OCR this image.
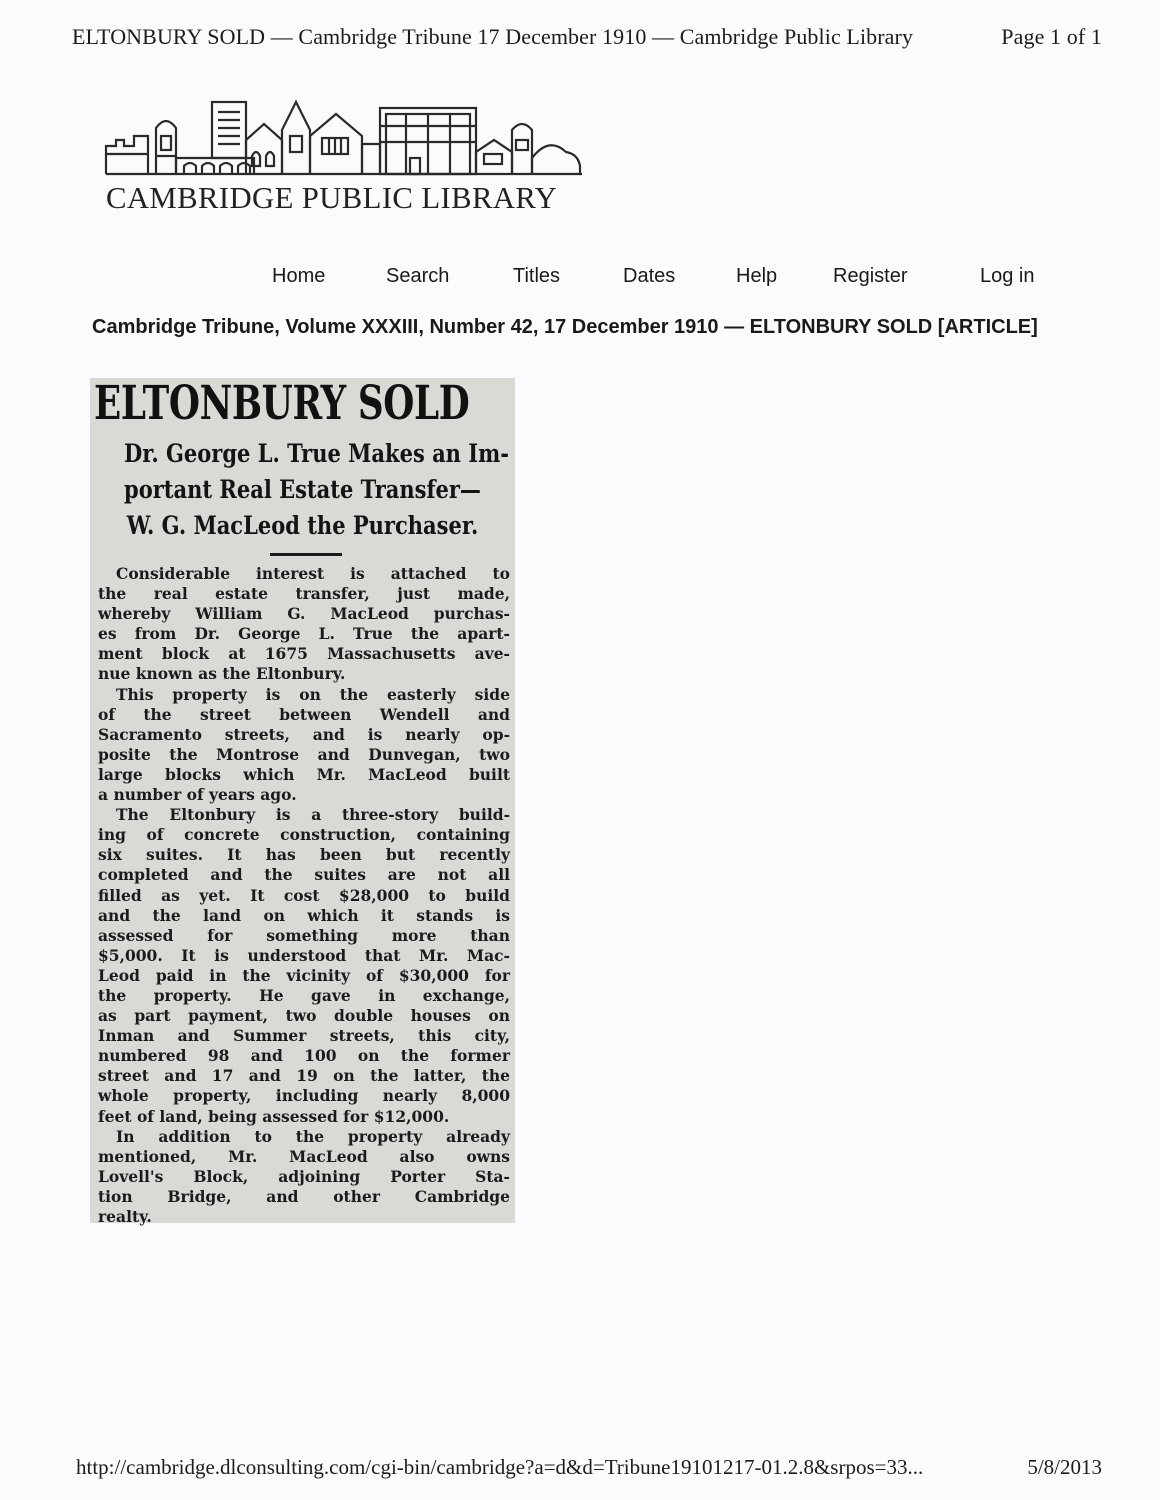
ELTONBURY SOLD — Cambridge Tribune 17 December 1910 — Cambridge Public Library	Page 1 of 1
CAMBRIDGE PUBLIC LIBRARY
Home	Search	Titles	Dates	Help	Register	Log in
Cambridge Tribune, Volume XXXIII, Number 42, 17 December 1910 — ELTONBURY SOLD [ARTICLE]
ELTONBURY SOLD
Dr. George L. True Makes an Im-
portant Real Estate Transfer—
W. G. MacLeod the Purchaser.
Considerable interest is attached to
the real estate transfer, just made,
whereby William G. MacLeod purchas-
es from Dr. George L. True the apart-
ment block at 1675 Massachusetts ave-
nue known as the Eltonbury.
This property is on the easterly side
of the street between Wendell and
Sacramento streets, and is nearly op-
posite the Montrose and Dunvegan, two
large blocks which Mr. MacLeod built
a number of years ago.
The Eltonbury is a three-story build-
ing of concrete construction, containing
six suites. It has been but recently
completed and the suites are not all
filled as yet. It cost $28,000 to build
and the land on which it stands is
assessed for something more than
$5,000. It is understood that Mr. Mac-
Leod paid in the vicinity of $30,000 for
the property. He gave in exchange,
as part payment, two double houses on
Inman and Summer streets, this city,
numbered 98 and 100 on the former
street and 17 and 19 on the latter, the
whole property, including nearly 8,000
feet of land, being assessed for $12,000.
In addition to the property already
mentioned, Mr. MacLeod also owns
Lovell's Block, adjoining Porter Sta-
tion Bridge, and other Cambridge
realty.
http://cambridge.dlconsulting.com/cgi-bin/cambridge?a=d&d=Tribune19101217-01.2.8&srpos=33...	5/8/2013
